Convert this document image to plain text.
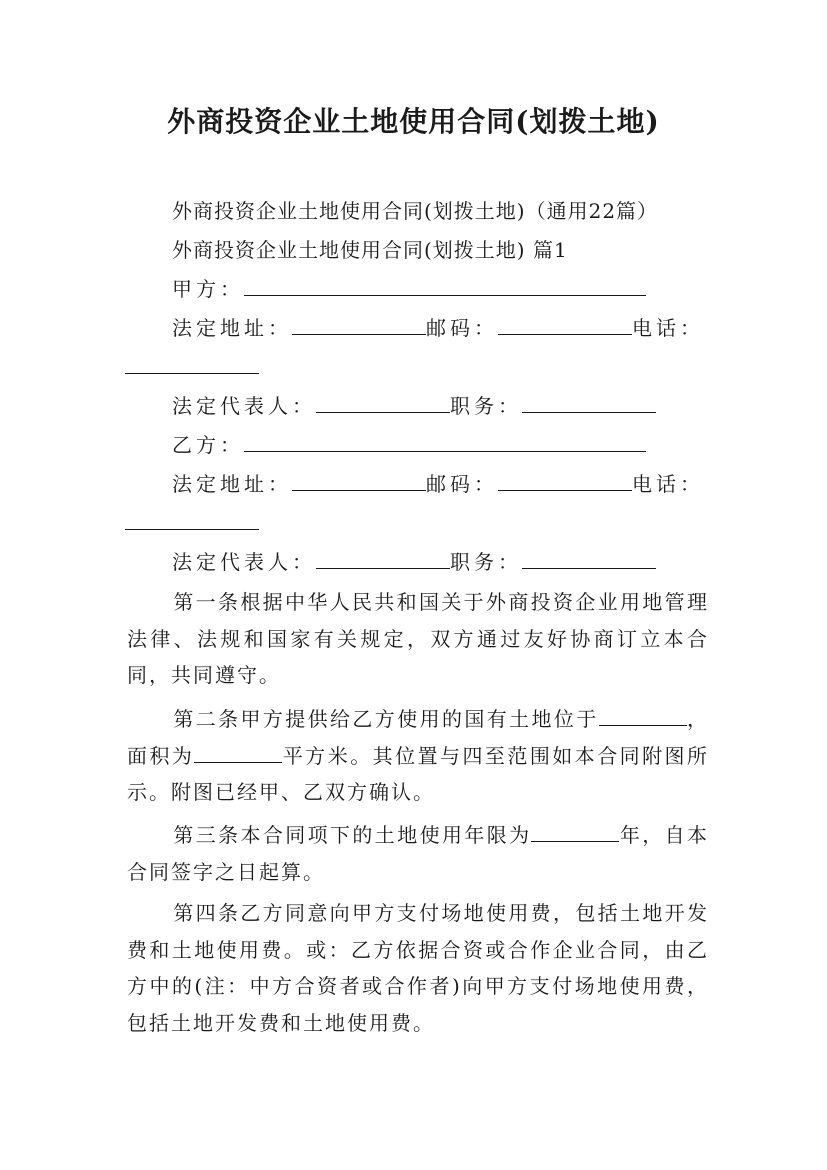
外商投资企业土地使用合同(划拨土地)
外商投资企业土地使用合同(划拨土地)（通用22篇）
外商投资企业土地使用合同(划拨土地) 篇1
甲方：
法定地址：	邮码：	电话：
法定代表人：	职务：
乙方：
法定地址：	邮码：	电话：
法定代表人：	职务：
第一条根据中华人民共和国关于外商投资企业用地管理法律、法规和国家有关规定，双方通过友好协商订立本合同，共同遵守。
第二条甲方提供给乙方使用的国有土地位于	，面积为	平方米。其位置与四至范围如本合同附图所示。附图已经甲、乙双方确认。
第三条本合同项下的土地使用年限为	年，自本合同签字之日起算。
第四条乙方同意向甲方支付场地使用费，包括土地开发费和土地使用费。或：乙方依据合资或合作企业合同，由乙方中的(注：中方合资者或合作者)向甲方支付场地使用费，包括土地开发费和土地使用费。
